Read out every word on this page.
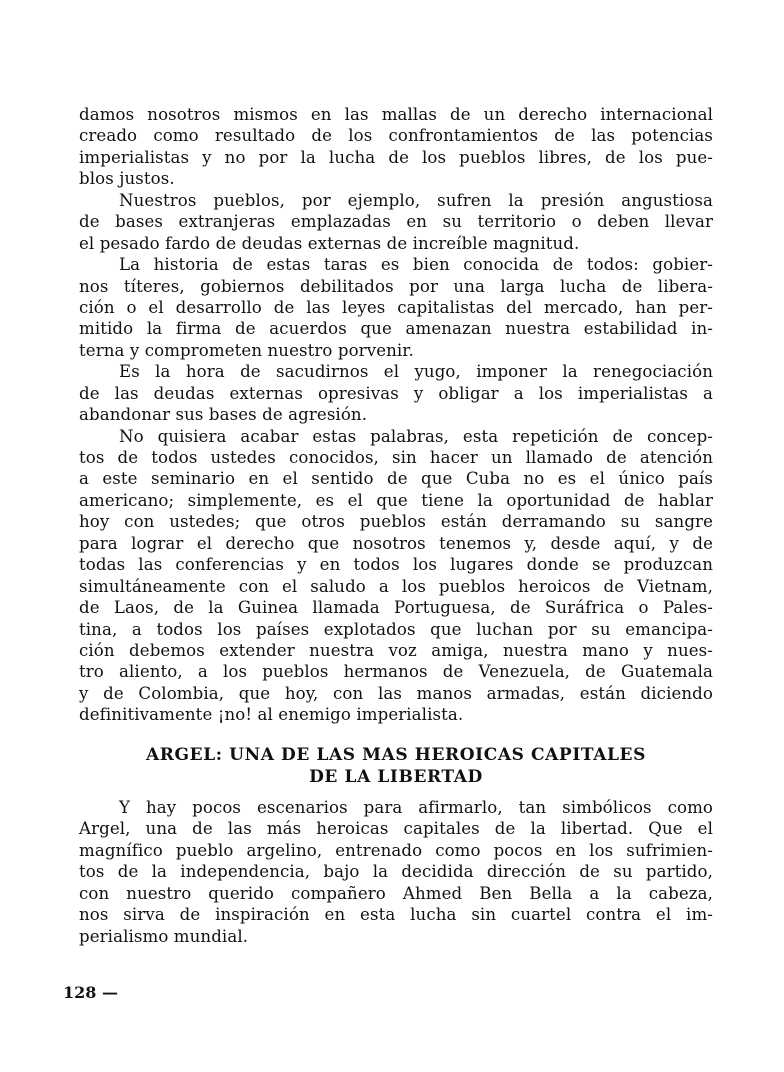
damos nosotros mismos en las mallas de un derecho internacional
creado como resultado de los confrontamientos de las potencias
imperialistas y no por la lucha de los pueblos libres, de los pue-
blos justos.
Nuestros pueblos, por ejemplo, sufren la presión angustiosa
de bases extranjeras emplazadas en su territorio o deben llevar
el pesado fardo de deudas externas de increíble magnitud.
La historia de estas taras es bien conocida de todos: gobier-
nos títeres, gobiernos debilitados por una larga lucha de libera-
ción o el desarrollo de las leyes capitalistas del mercado, han per-
mitido la firma de acuerdos que amenazan nuestra estabilidad in-
terna y comprometen nuestro porvenir.
Es la hora de sacudirnos el yugo, imponer la renegociación
de las deudas externas opresivas y obligar a los imperialistas a
abandonar sus bases de agresión.
No quisiera acabar estas palabras, esta repetición de concep-
tos de todos ustedes conocidos, sin hacer un llamado de atención
a este seminario en el sentido de que Cuba no es el único país
americano; simplemente, es el que tiene la oportunidad de hablar
hoy con ustedes; que otros pueblos están derramando su sangre
para lograr el derecho que nosotros tenemos y, desde aquí, y de
todas las conferencias y en todos los lugares donde se produzcan
simultáneamente con el saludo a los pueblos heroicos de Vietnam,
de Laos, de la Guinea llamada Portuguesa, de Suráfrica o Pales-
tina, a todos los países explotados que luchan por su emancipa-
ción debemos extender nuestra voz amiga, nuestra mano y nues-
tro aliento, a los pueblos hermanos de Venezuela, de Guatemala
y de Colombia, que hoy, con las manos armadas, están diciendo
definitivamente ¡no! al enemigo imperialista.
ARGEL: UNA DE LAS MAS HEROICAS CAPITALES
DE LA LIBERTAD
Y hay pocos escenarios para afirmarlo, tan simbólicos como
Argel, una de las más heroicas capitales de la libertad. Que el
magnífico pueblo argelino, entrenado como pocos en los sufrimien-
tos de la independencia, bajo la decidida dirección de su partido,
con nuestro querido compañero Ahmed Ben Bella a la cabeza,
nos sirva de inspiración en esta lucha sin cuartel contra el im-
perialismo mundial.
128 —
